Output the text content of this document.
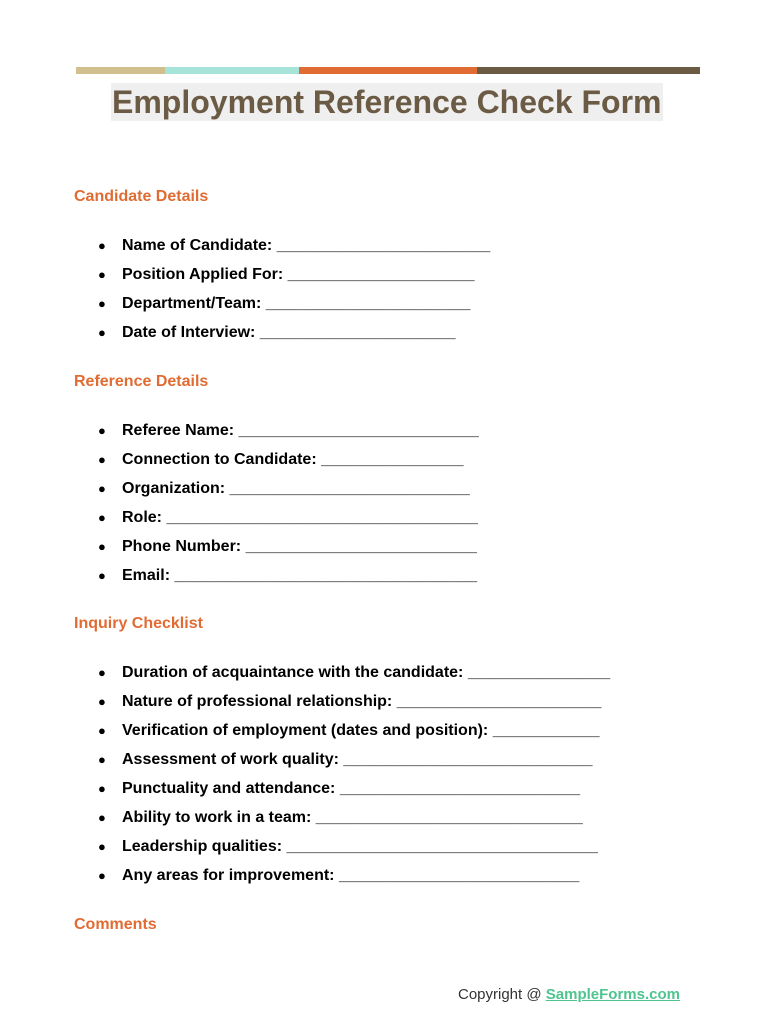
Employment Reference Check Form
Candidate Details
● Name of Candidate: ________________________
● Position Applied For: _____________________
● Department/Team: _______________________
● Date of Interview: ______________________
Reference Details
● Referee Name: ___________________________
● Connection to Candidate: ________________
● Organization: ___________________________
● Role: ___________________________________
● Phone Number: __________________________
● Email: __________________________________
Inquiry Checklist
● Duration of acquaintance with the candidate: ________________
● Nature of professional relationship: _______________________
● Verification of employment (dates and position): ____________
● Assessment of work quality: ____________________________
● Punctuality and attendance: ___________________________
● Ability to work in a team: ______________________________
● Leadership qualities: ___________________________________
● Any areas for improvement: ___________________________
Comments
Copyright @ SampleForms.com
